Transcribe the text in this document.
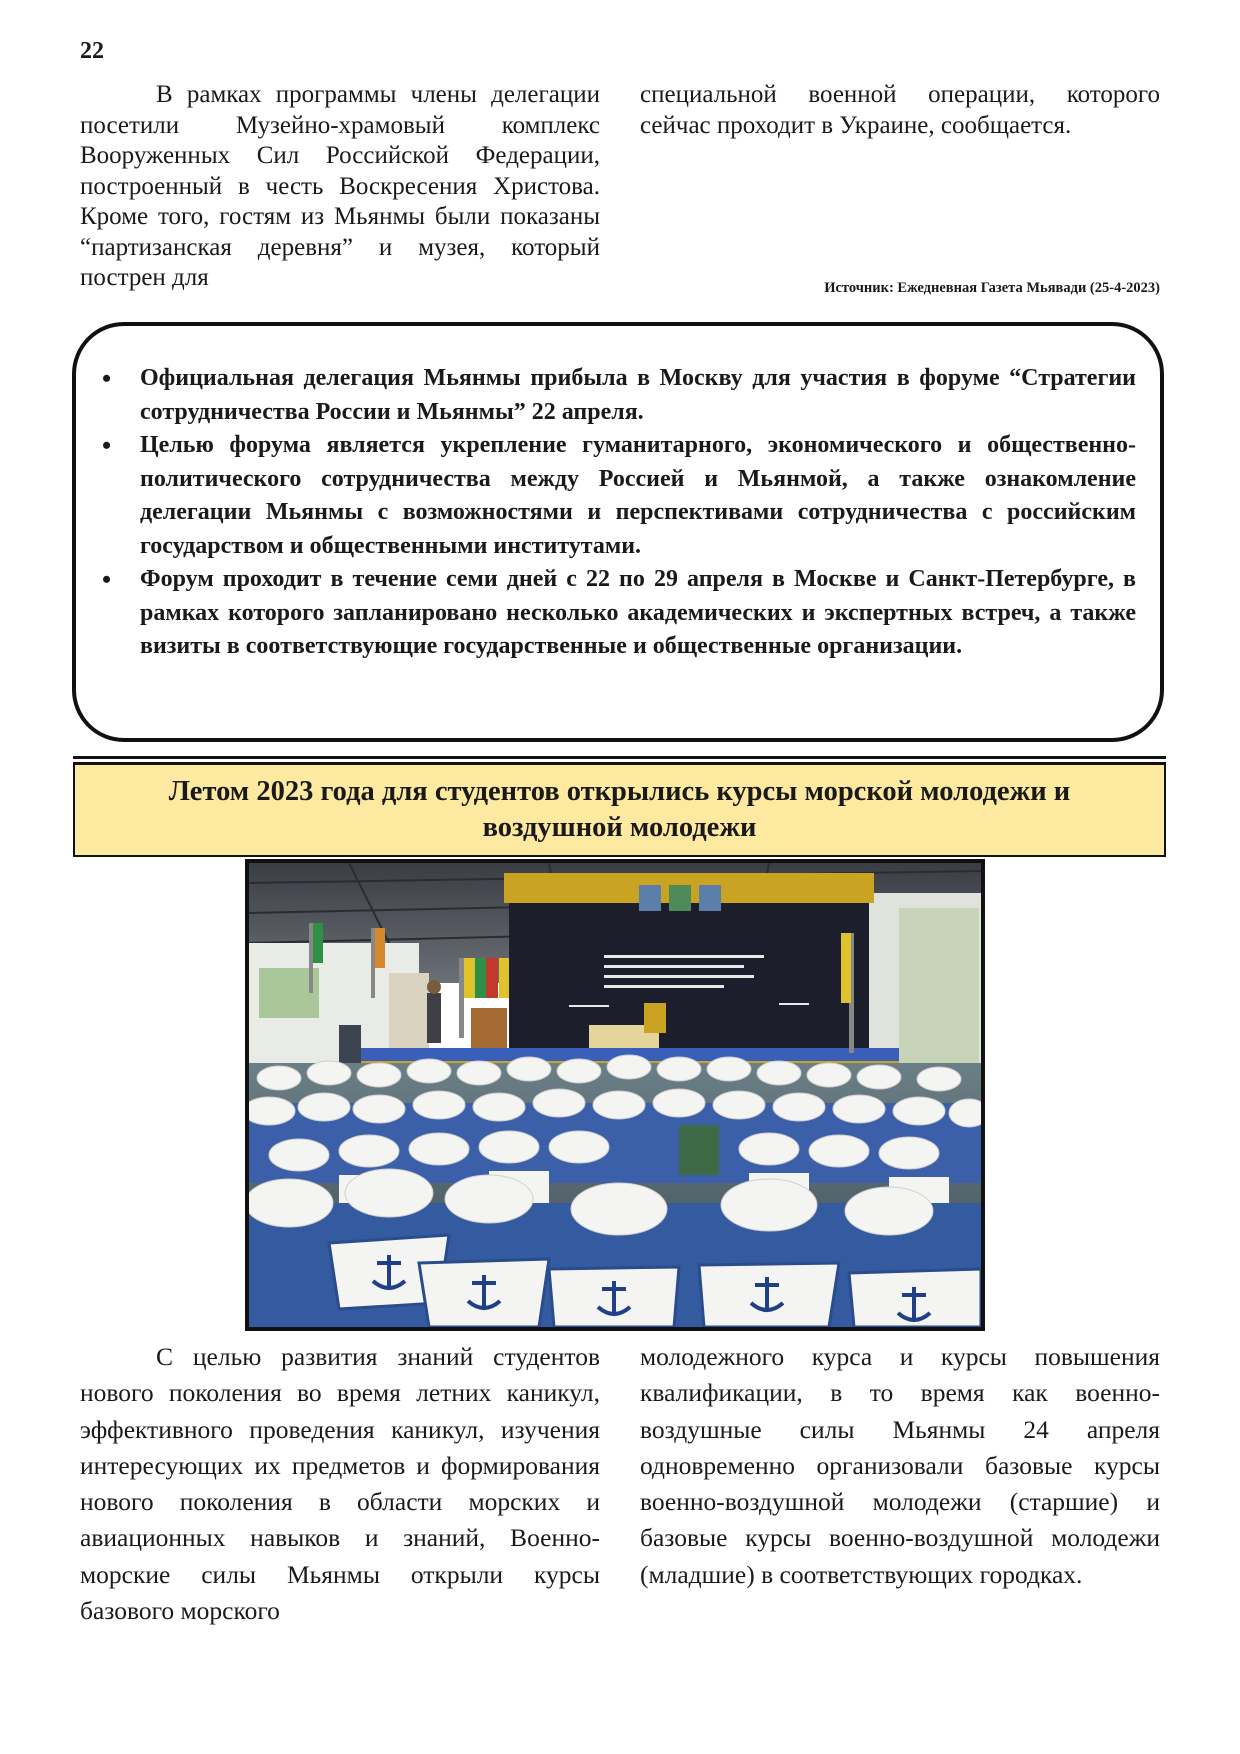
22

В рамках программы члены делегации посетили Музейно-храмовый комплекс Вооруженных Сил Российской Федерации, построенный в честь Воскресения Христова. Кроме того, гостям из Мьянмы были показаны “партизанская деревня” и музея, который пострен для

специальной военной операции, которого сейчас проходит в Украине, сообщается.

Источник: Ежедневная Газета Мьявади (25-4-2023)
• Официальная делегация Мьянмы прибыла в Москву для участия в форуме “Стратегии сотрудничества России и Мьянмы” 22 апреля.
• Целью форума является укрепление гуманитарного, экономического и общественно-политического сотрудничества между Россией и Мьянмой, а также ознакомление делегации Мьянмы с возможностями и перспективами сотрудничества с российским государством и общественными институтами.
• Форум проходит в течение семи дней с 22 по 29 апреля в Москве и Санкт-Петербурге, в рамках которого запланировано несколько академических и экспертных встреч, а также визиты в соответствующие государственные и общественные организации.
Летом 2023 года для студентов открылись курсы морской молодежи и воздушной молодежи

С целью развития знаний студентов нового поколения во время летних каникул, эффективного проведения каникул, изучения интересующих их предметов и формирования нового поколения в области морских и авиационных навыков и знаний, Военно-морские силы Мьянмы открыли курсы базового морского

молодежного курса и курсы повышения квалификации, в то время как военно-воздушные силы Мьянмы 24 апреля одновременно организовали базовые курсы военно-воздушной молодежи (старшие) и базовые курсы военно-воздушной молодежи (младшие) в соответствующих городках.
